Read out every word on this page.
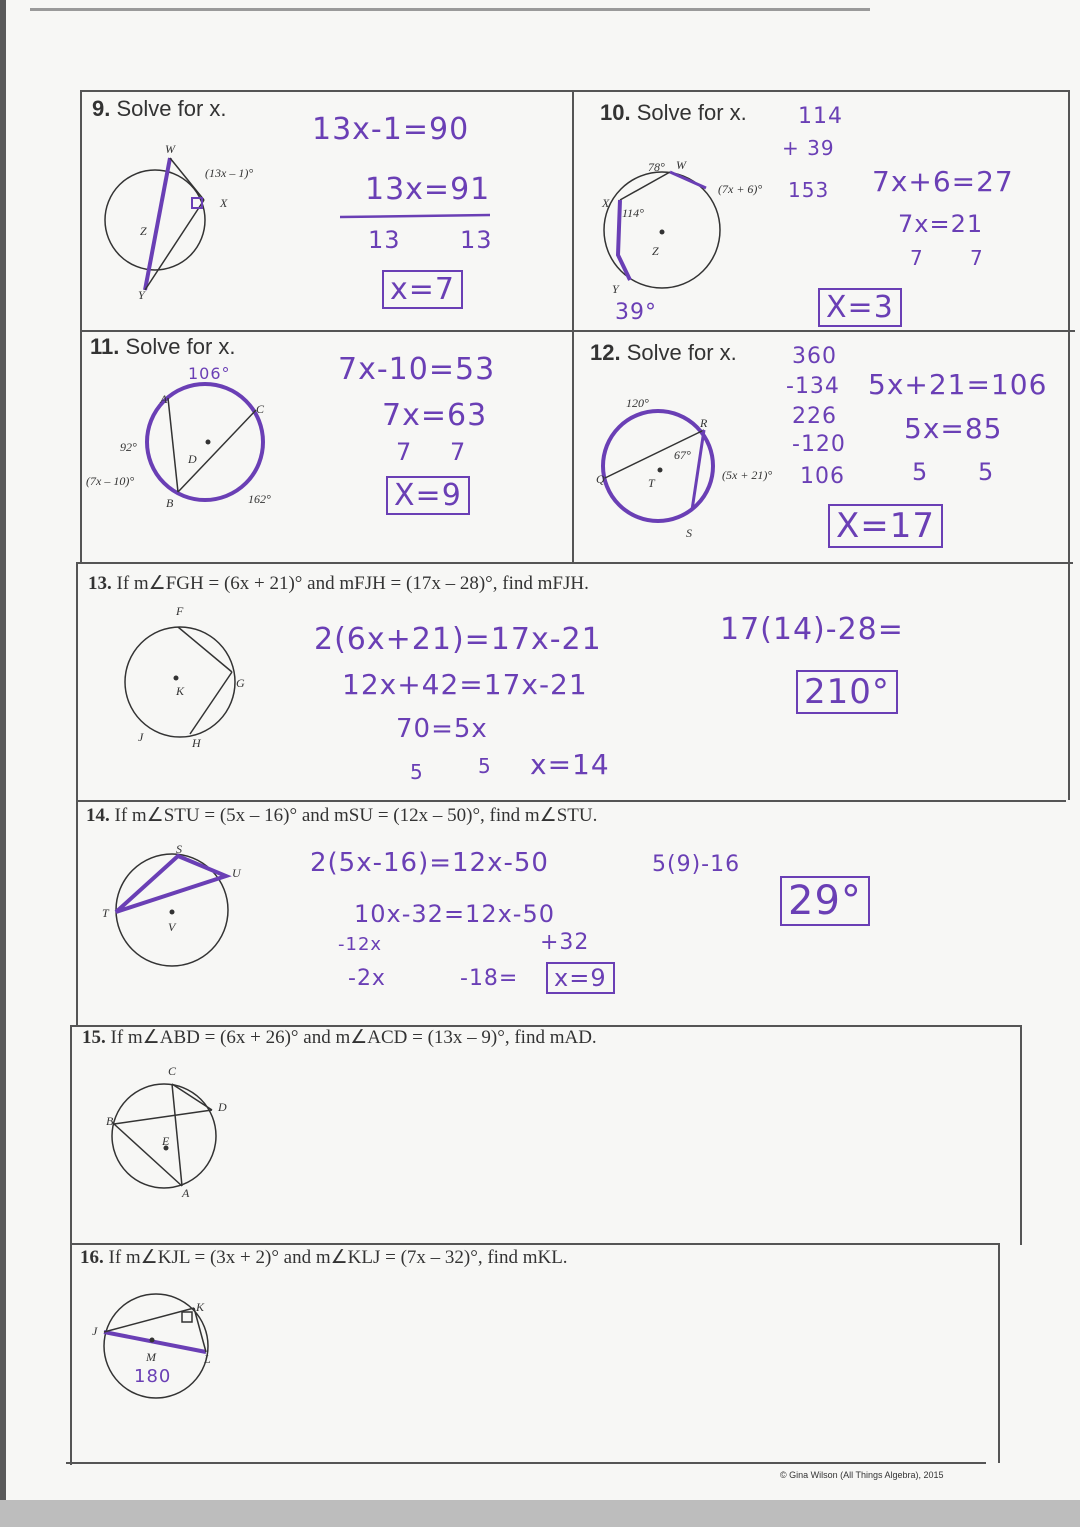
9. Solve for x.
W
Z
Y
X
(13x – 1)°
13x-1=90
13x=91
13 13
x=7
10. Solve for x.
78° W
X
114°
Z
Y
(7x + 6)°
114
+ 39
153
39°
7x+6=27
7x=21
7 7
X=3
11. Solve for x.
106°
A
C
D
B
92°
(7x – 10)°
162°
7x-10=53
7x=63
7 7
X=9
12. Solve for x.
120°
R
67°
Q	T
S
(5x + 21)°
360
-134
226
-120
106
5x+21=106
5x=85
5 5
X=17
13. If m∠FGH = (6x + 21)° and mFJH = (17x – 28)°, find mFJH.
F
G
K
J	H
2(6x+21)=17x-21
12x+42=17x-21
70=5x
5	5 x=14
17(14)-28=
210°
14. If m∠STU = (5x – 16)° and mSU = (12x – 50)°, find m∠STU.
S
U
T
V
2(5x-16)=12x-50	5(9)-16
10x-32=12x-50
-12x	+32
-2x	-18=	x=9
29°
15. If m∠ABD = (6x + 26)° and m∠ACD = (13x – 9)°, find mAD.
C
D
B
E
A
16. If m∠KJL = (3x + 2)° and m∠KLJ = (7x – 32)°, find mKL.
J
K
L
M
180
© Gina Wilson (All Things Algebra), 2015
